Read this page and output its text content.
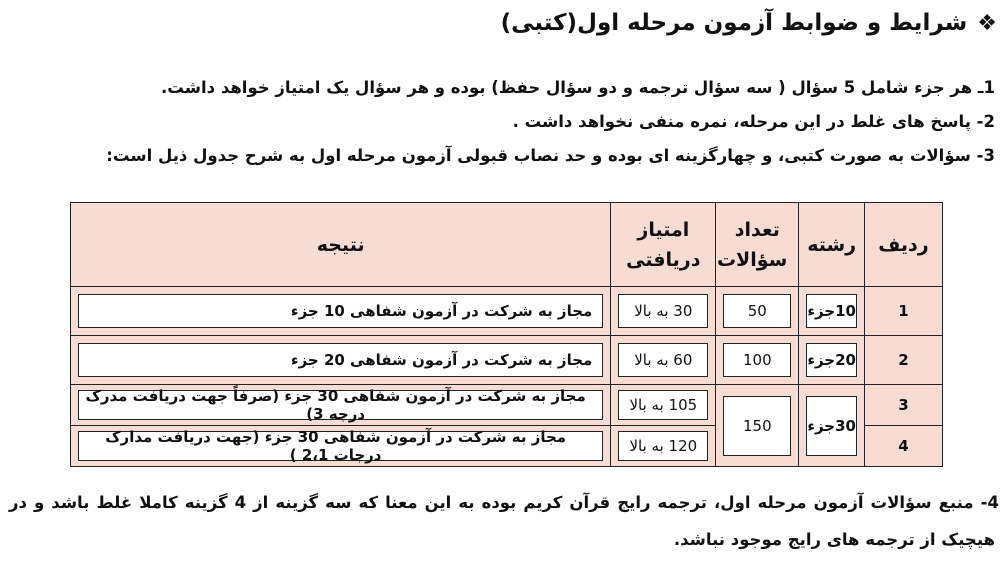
❖
شرایط و ضوابط آزمون مرحله اول(کتبی)
1ـ هر جزء شامل 5 سؤال ( سه سؤال ترجمه و دو سؤال حفظ) بوده و هر سؤال یک امتیاز خواهد داشت.
2- پاسخ های غلط در این مرحله، نمره منفی نخواهد داشت .
3- سؤالات به صورت کتبی، و چهارگزینه ای بوده و حد نصاب قبولی آزمون مرحله اول به شرح جدول ذیل است:
ردیف	رشته	تعداد سؤالات	امتیاز دریافتی	نتیجه
1	10جزء	50	30 به بالا	مجاز به شرکت در آزمون شفاهی 10 جزء

2	20جزء	100	60 به بالا	مجاز به شرکت در آزمون شفاهی 20 جزء

3	30جزء	150	105 به بالا	مجاز به شرکت در آزمون شفاهی 30 جزء (صرفاً جهت دریافت مدرک درجه 3)

4			120 به بالا	مجاز به شرکت در آزمون شفاهی 30 جزء (جهت دریافت مدارک درجات 2،1 )
4- منبع سؤالات آزمون مرحله اول، ترجمه رایج قرآن کریم بوده به این معنا که سه گزینه از 4 گزینه کاملا غلط باشد و در
هیچیک از ترجمه های رایج موجود نباشد.
